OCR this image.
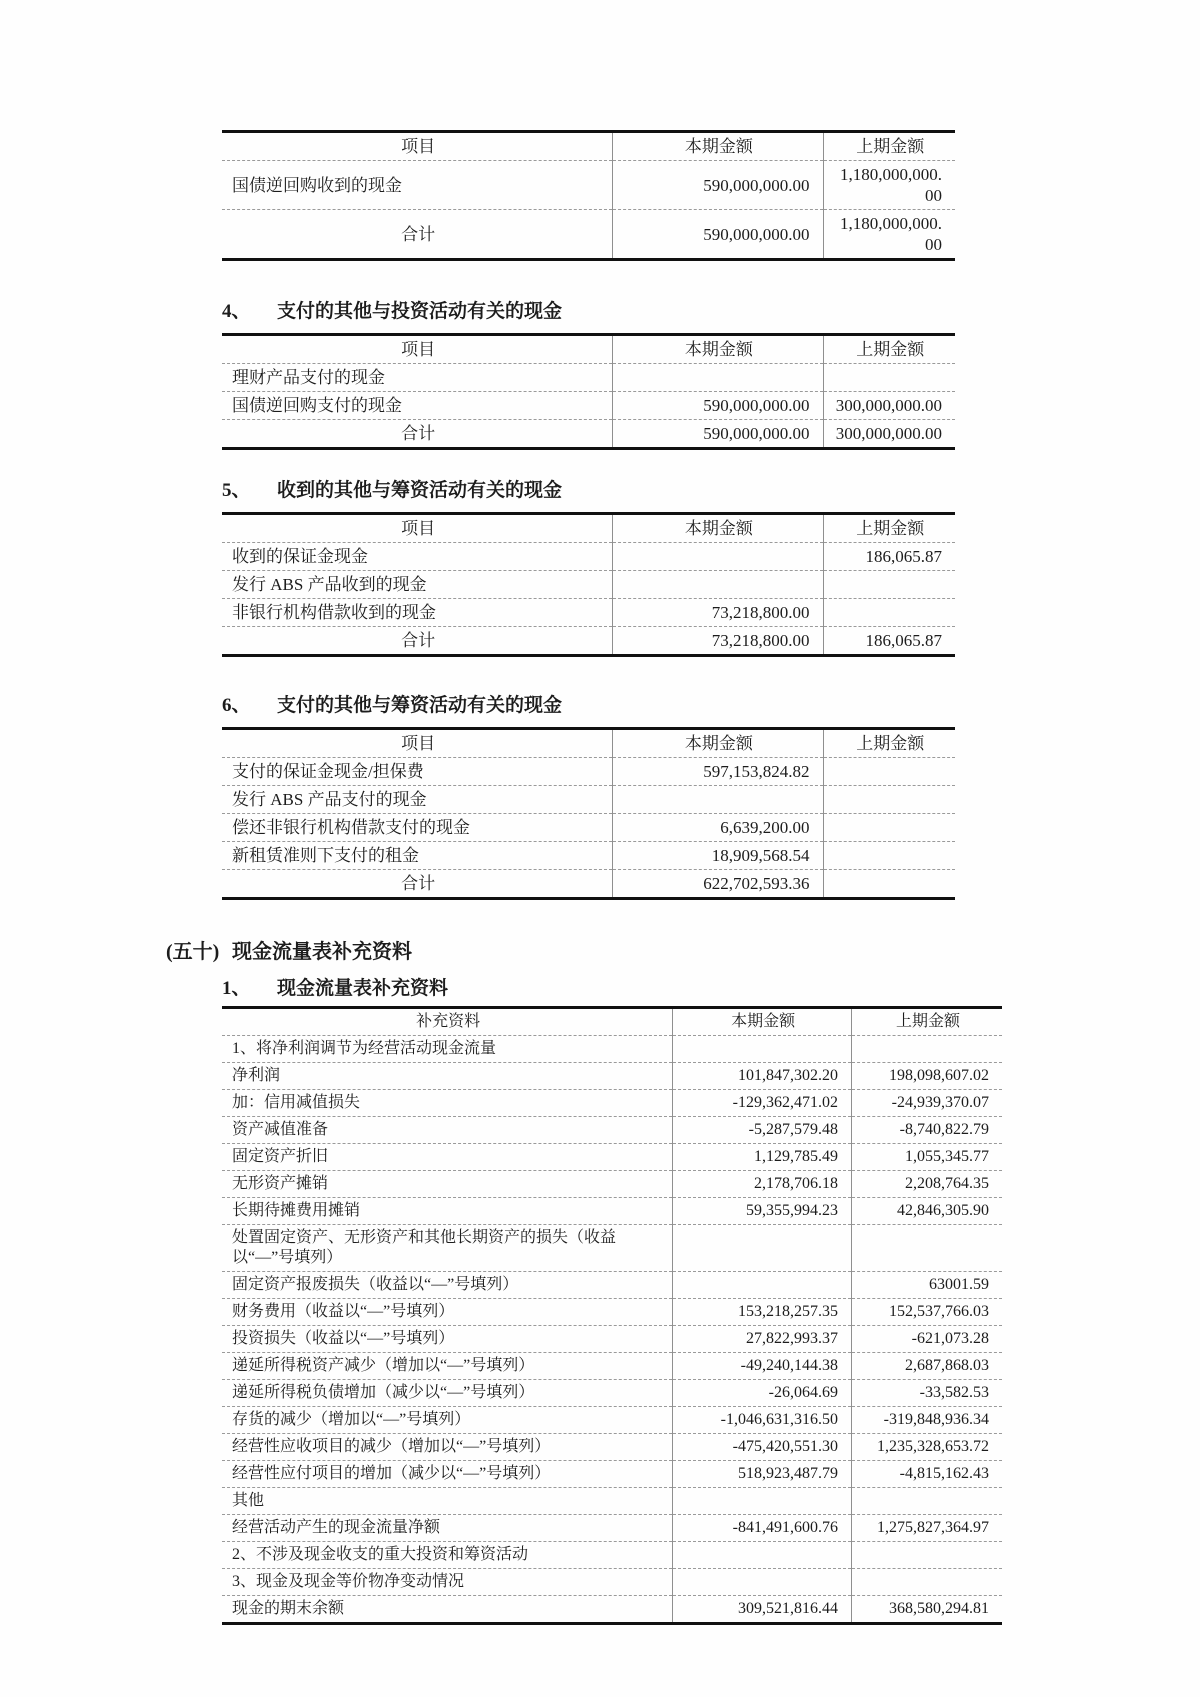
项目	本期金额	上期金额
国债逆回购收到的现金	590,000,000.00	1,180,000,000.00
合计	590,000,000.00	1,180,000,000.00
4、	支付的其他与投资活动有关的现金
项目	本期金额	上期金额
理财产品支付的现金		
国债逆回购支付的现金	590,000,000.00	300,000,000.00
合计	590,000,000.00	300,000,000.00
5、	收到的其他与筹资活动有关的现金
项目	本期金额	上期金额
收到的保证金现金		186,065.87
发行 ABS 产品收到的现金		
非银行机构借款收到的现金	73,218,800.00	
合计	73,218,800.00	186,065.87
6、	支付的其他与筹资活动有关的现金
项目	本期金额	上期金额
支付的保证金现金/担保费	597,153,824.82	
发行 ABS 产品支付的现金		
偿还非银行机构借款支付的现金	6,639,200.00	
新租赁准则下支付的租金	18,909,568.54	
合计	622,702,593.36	
(五十) 现金流量表补充资料
1、	现金流量表补充资料
补充资料	本期金额	上期金额
1、将净利润调节为经营活动现金流量		
净利润	101,847,302.20	198,098,607.02
加：信用减值损失	-129,362,471.02	-24,939,370.07
资产减值准备	-5,287,579.48	-8,740,822.79
固定资产折旧	1,129,785.49	1,055,345.77
无形资产摊销	2,178,706.18	2,208,764.35
长期待摊费用摊销	59,355,994.23	42,846,305.90
处置固定资产、无形资产和其他长期资产的损失（收益以“—”号填列）		
固定资产报废损失（收益以“—”号填列）		63001.59
财务费用（收益以“—”号填列）	153,218,257.35	152,537,766.03
投资损失（收益以“—”号填列）	27,822,993.37	-621,073.28
递延所得税资产减少（增加以“—”号填列）	-49,240,144.38	2,687,868.03
递延所得税负债增加（减少以“—”号填列）	-26,064.69	-33,582.53
存货的减少（增加以“—”号填列）	-1,046,631,316.50	-319,848,936.34
经营性应收项目的减少（增加以“—”号填列）	-475,420,551.30	1,235,328,653.72
经营性应付项目的增加（减少以“—”号填列）	518,923,487.79	-4,815,162.43
其他		
经营活动产生的现金流量净额	-841,491,600.76	1,275,827,364.97
2、不涉及现金收支的重大投资和筹资活动		
3、现金及现金等价物净变动情况		
现金的期末余额	309,521,816.44	368,580,294.81
